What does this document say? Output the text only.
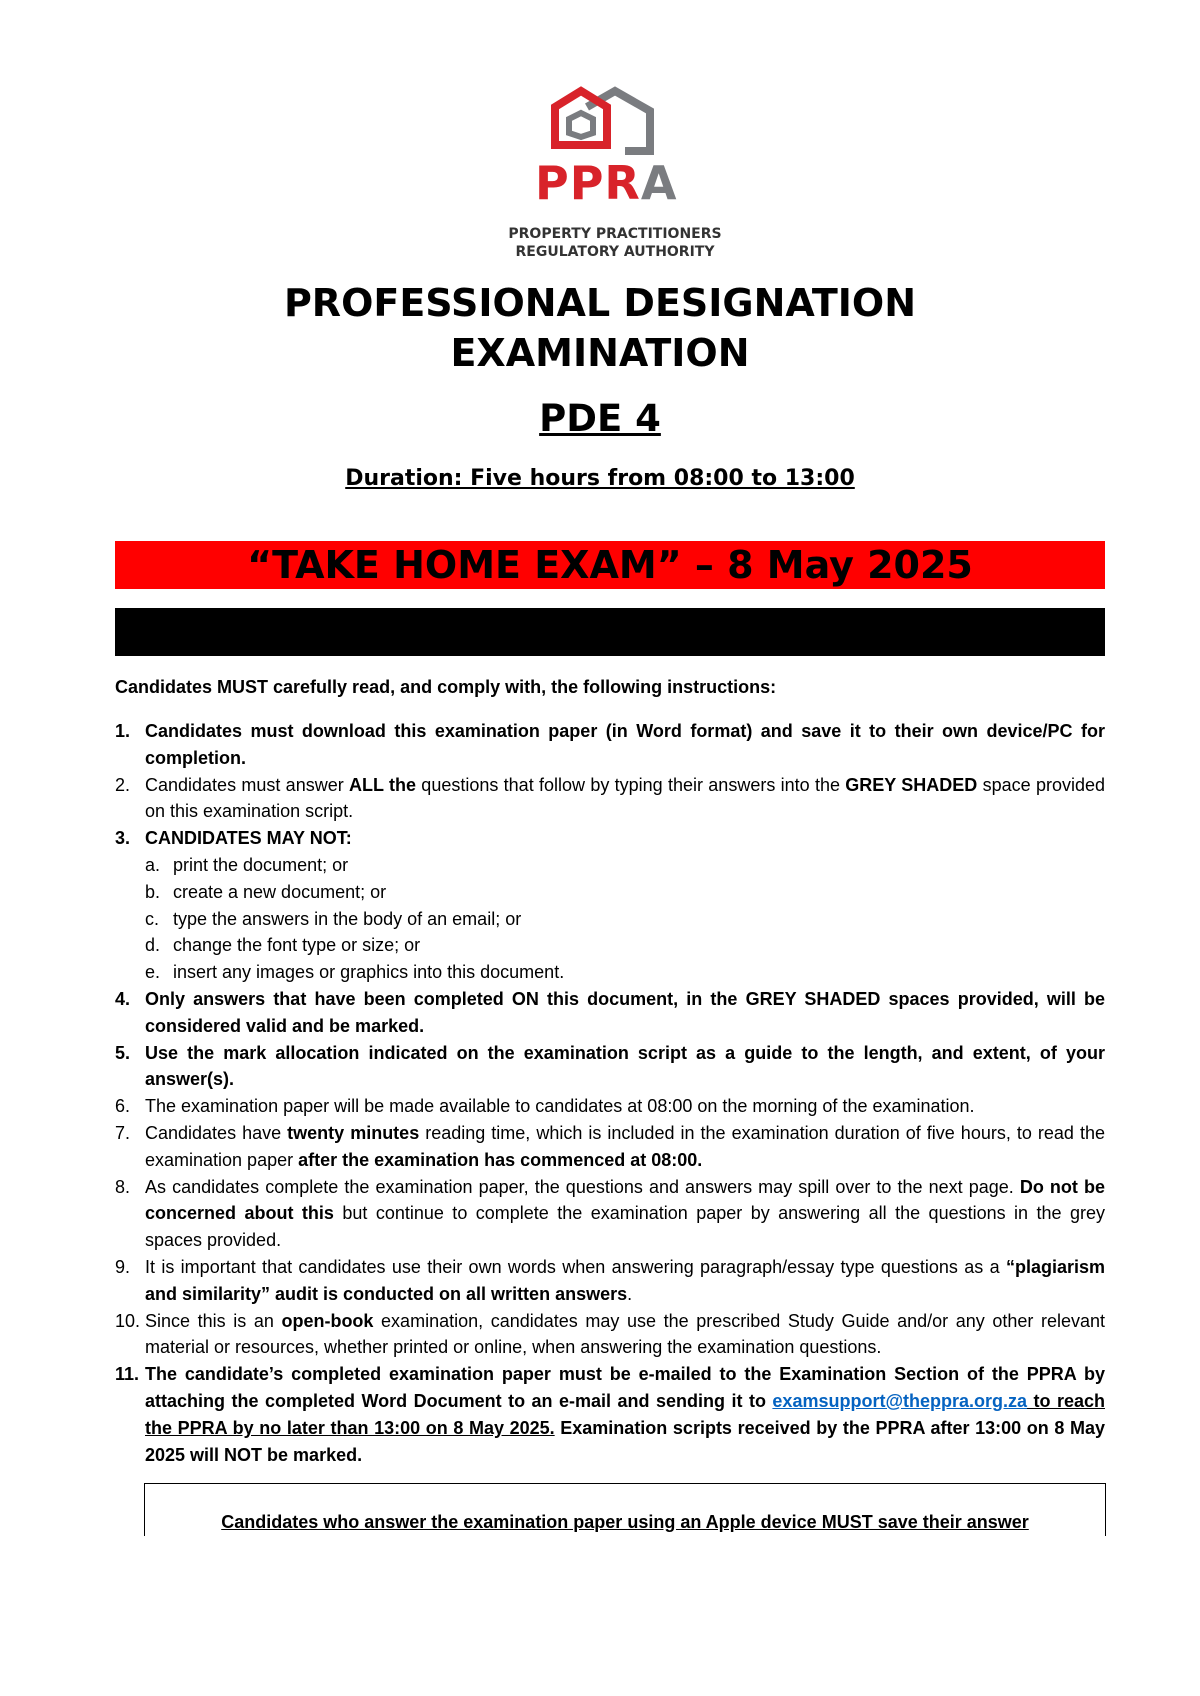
PPRA
PROPERTY PRACTITIONERS
REGULATORY AUTHORITY
PROFESSIONAL DESIGNATION
EXAMINATION
PDE 4
Duration: Five hours from 08:00 to 13:00
“TAKE HOME EXAM” – 8 May 2025
Candidates MUST carefully read, and comply with, the following instructions:
1. Candidates must download this examination paper (in Word format) and save it to their own device/PC for completion.
2. Candidates must answer ALL the questions that follow by typing their answers into the GREY SHADED space provided on this examination script.
3. CANDIDATES MAY NOT:
a. print the document; or
b. create a new document; or
c. type the answers in the body of an email; or
d. change the font type or size; or
e. insert any images or graphics into this document.
4. Only answers that have been completed ON this document, in the GREY SHADED spaces provided, will be considered valid and be marked.
5. Use the mark allocation indicated on the examination script as a guide to the length, and extent, of your answer(s).
6. The examination paper will be made available to candidates at 08:00 on the morning of the examination.
7. Candidates have twenty minutes reading time, which is included in the examination duration of five hours, to read the examination paper after the examination has commenced at 08:00.
8. As candidates complete the examination paper, the questions and answers may spill over to the next page. Do not be concerned about this but continue to complete the examination paper by answering all the questions in the grey spaces provided.
9. It is important that candidates use their own words when answering paragraph/essay type questions as a “plagiarism and similarity” audit is conducted on all written answers.
10. Since this is an open-book examination, candidates may use the prescribed Study Guide and/or any other relevant material or resources, whether printed or online, when answering the examination questions.
11. The candidate’s completed examination paper must be e-mailed to the Examination Section of the PPRA by attaching the completed Word Document to an e-mail and sending it to examsupport@theppra.org.za to reach the PPRA by no later than 13:00 on 8 May 2025. Examination scripts received by the PPRA after 13:00 on 8 May 2025 will NOT be marked.
Candidates who answer the examination paper using an Apple device MUST save their answer
